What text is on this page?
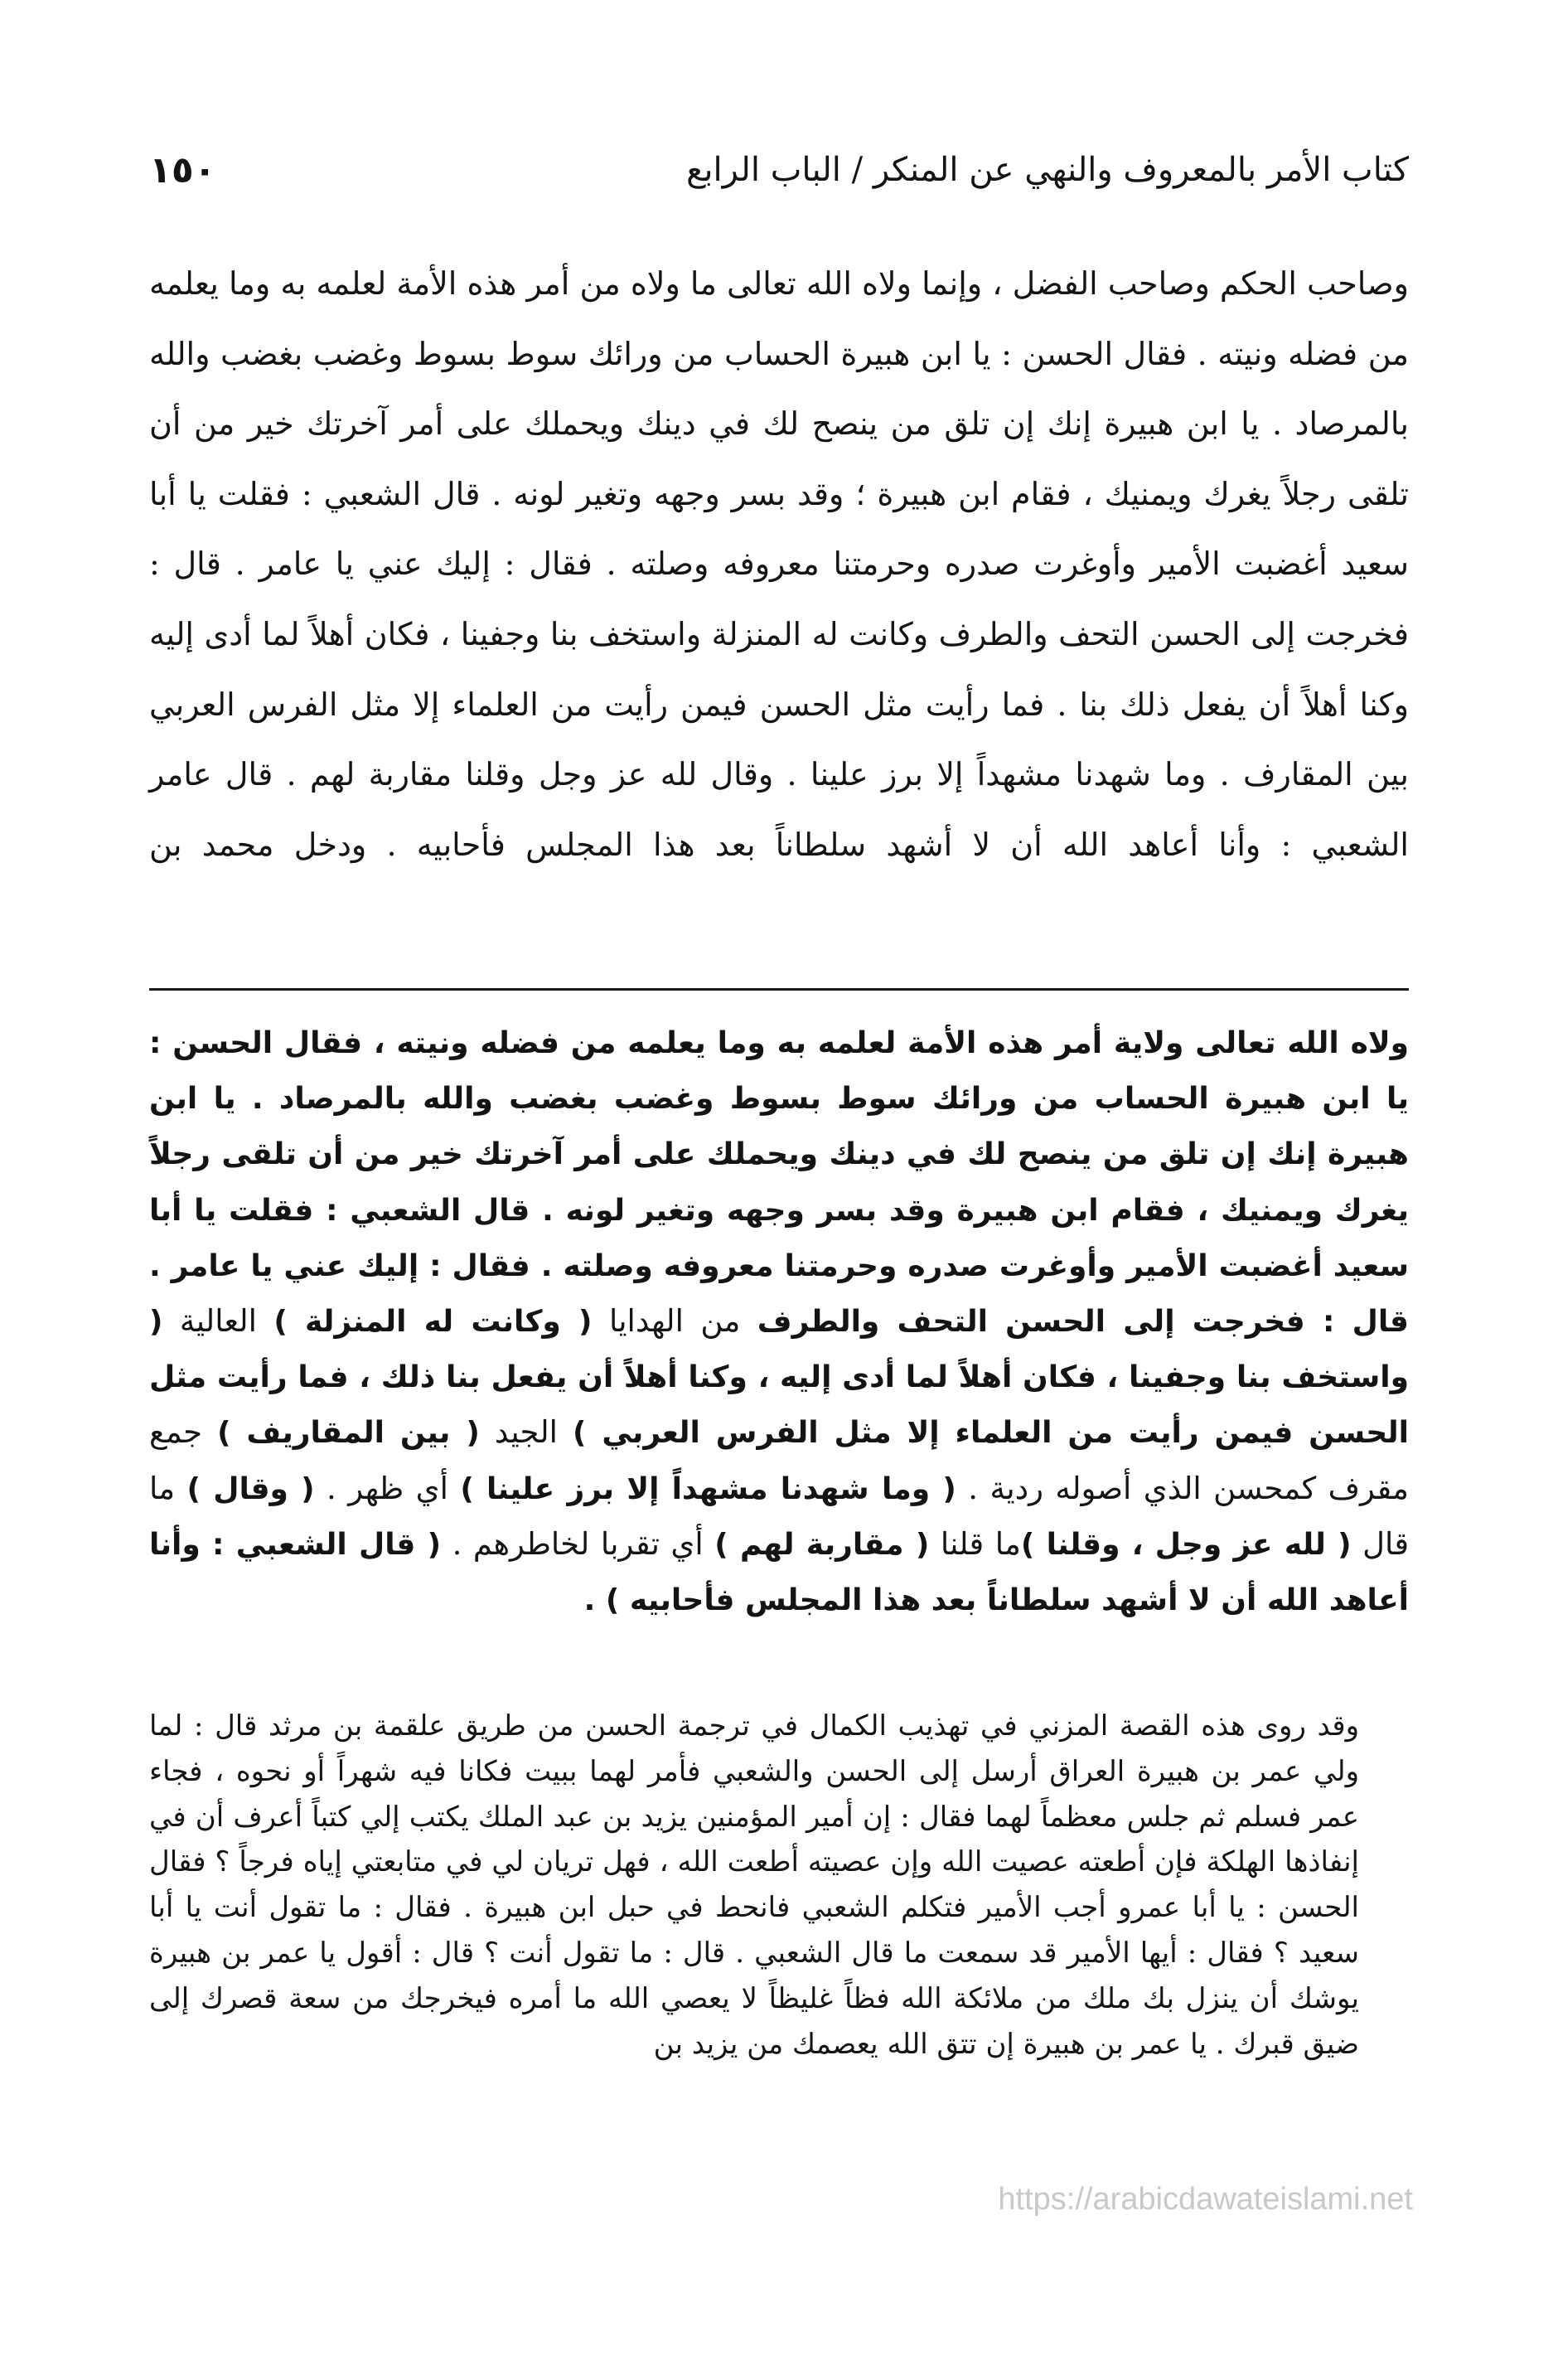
كتاب الأمر بالمعروف والنهي عن المنكر / الباب الرابع
١٥٠

وصاحب الحكم وصاحب الفضل ، وإنما ولاه الله تعالى ما ولاه من أمر هذه الأمة لعلمه به وما يعلمه من فضله ونيته . فقال الحسن : يا ابن هبيرة الحساب من ورائك سوط بسوط وغضب بغضب والله بالمرصاد . يا ابن هبيرة إنك إن تلق من ينصح لك في دينك ويحملك على أمر آخرتك خير من أن تلقى رجلاً يغرك ويمنيك ، فقام ابن هبيرة ؛ وقد بسر وجهه وتغير لونه . قال الشعبي : فقلت يا أبا سعيد أغضبت الأمير وأوغرت صدره وحرمتنا معروفه وصلته . فقال : إليك عني يا عامر . قال : فخرجت إلى الحسن التحف والطرف وكانت له المنزلة واستخف بنا وجفينا ، فكان أهلاً لما أدى إليه وكنا أهلاً أن يفعل ذلك بنا . فما رأيت مثل الحسن فيمن رأيت من العلماء إلا مثل الفرس العربي بين المقارف . وما شهدنا مشهداً إلا برز علينا . وقال لله عز وجل وقلنا مقاربة لهم . قال عامر الشعبي : وأنا أعاهد الله أن لا أشهد سلطاناً بعد هذا المجلس فأحابيه . ودخل محمد بن

ولاه الله تعالى ولاية أمر هذه الأمة لعلمه به وما يعلمه من فضله ونيته ، فقال الحسن : يا ابن هبيرة الحساب من ورائك سوط بسوط وغضب بغضب والله بالمرصاد . يا ابن هبيرة إنك إن تلق من ينصح لك في دينك ويحملك على أمر آخرتك خير من أن تلقى رجلاً يغرك ويمنيك ، فقام ابن هبيرة وقد بسر وجهه وتغير لونه . قال الشعبي : فقلت يا أبا سعيد أغضبت الأمير وأوغرت صدره وحرمتنا معروفه وصلته . فقال : إليك عني يا عامر . قال : فخرجت إلى الحسن التحف والطرف من الهدايا ( وكانت له المنزلة ) العالية ( واستخف بنا وجفينا ، فكان أهلاً لما أدى إليه ، وكنا أهلاً أن يفعل بنا ذلك ، فما رأيت مثل الحسن فيمن رأيت من العلماء إلا مثل الفرس العربي ) الجيد ( بين المقاريف ) جمع مقرف كمحسن الذي أصوله ردية . ( وما شهدنا مشهداً إلا برز علينا ) أي ظهر . ( وقال ) ما قال ( لله عز وجل ، وقلنا )ما قلنا ( مقاربة لهم ) أي تقربا لخاطرهم . ( قال الشعبي : وأنا أعاهد الله أن لا أشهد سلطاناً بعد هذا المجلس فأحابيه ) .

وقد روى هذه القصة المزني في تهذيب الكمال في ترجمة الحسن من طريق علقمة بن مرثد قال : لما ولي عمر بن هبيرة العراق أرسل إلى الحسن والشعبي فأمر لهما ببيت فكانا فيه شهراً أو نحوه ، فجاء عمر فسلم ثم جلس معظماً لهما فقال : إن أمير المؤمنين يزيد بن عبد الملك يكتب إلي كتباً أعرف أن في إنفاذها الهلكة فإن أطعته عصيت الله وإن عصيته أطعت الله ، فهل تريان لي في متابعتي إياه فرجاً ؟ فقال الحسن : يا أبا عمرو أجب الأمير فتكلم الشعبي فانحط في حبل ابن هبيرة . فقال : ما تقول أنت يا أبا سعيد ؟ فقال : أيها الأمير قد سمعت ما قال الشعبي . قال : ما تقول أنت ؟ قال : أقول يا عمر بن هبيرة يوشك أن ينزل بك ملك من ملائكة الله فظاً غليظاً لا يعصي الله ما أمره فيخرجك من سعة قصرك إلى ضيق قبرك . يا عمر بن هبيرة إن تتق الله يعصمك من يزيد بن

https://arabicdawateislami.net
